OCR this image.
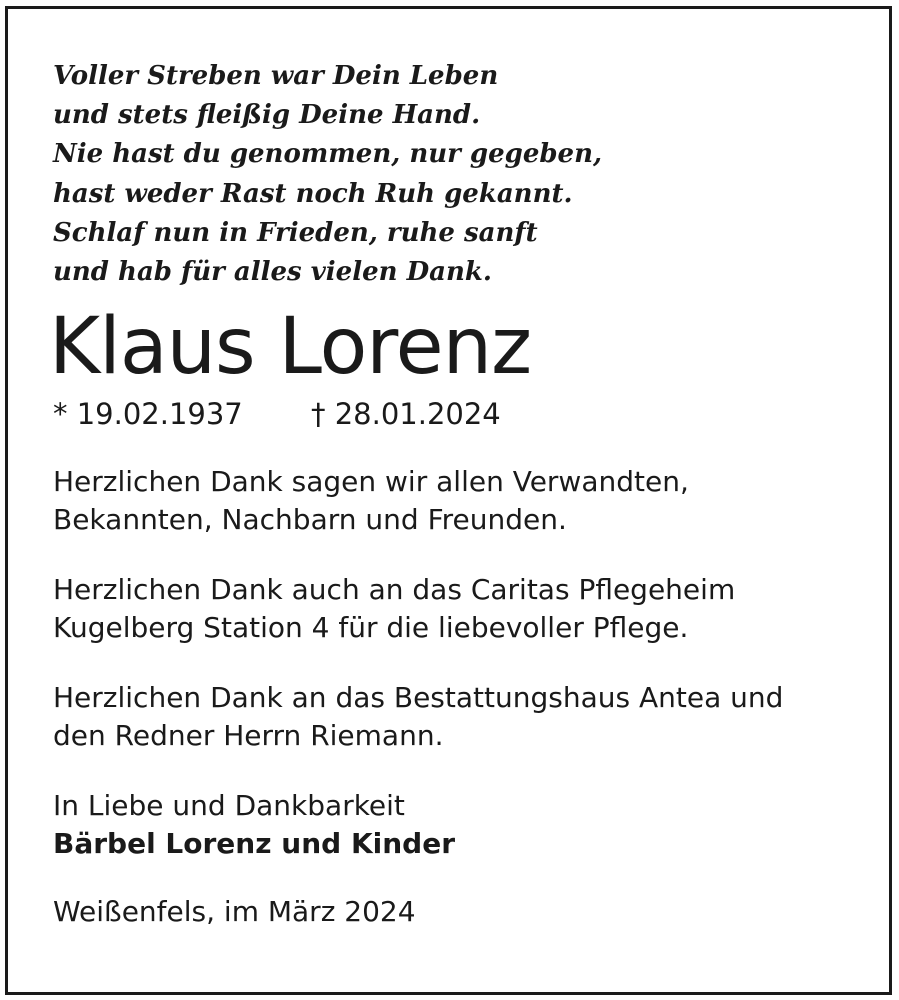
Voller Streben war Dein Leben
und stets fleißig Deine Hand.
Nie hast du genommen, nur gegeben,
hast weder Rast noch Ruh gekannt.
Schlaf nun in Frieden, ruhe sanft
und hab für alles vielen Dank.
Klaus Lorenz
* 19.02.1937 † 28.01.2024
Herzlichen Dank sagen wir allen Verwandten,
Bekannten, Nachbarn und Freunden.
Herzlichen Dank auch an das Caritas Pflegeheim
Kugelberg Station 4 für die liebevoller Pflege.
Herzlichen Dank an das Bestattungshaus Antea und
den Redner Herrn Riemann.
In Liebe und Dankbarkeit
Bärbel Lorenz und Kinder
Weißenfels, im März 2024
